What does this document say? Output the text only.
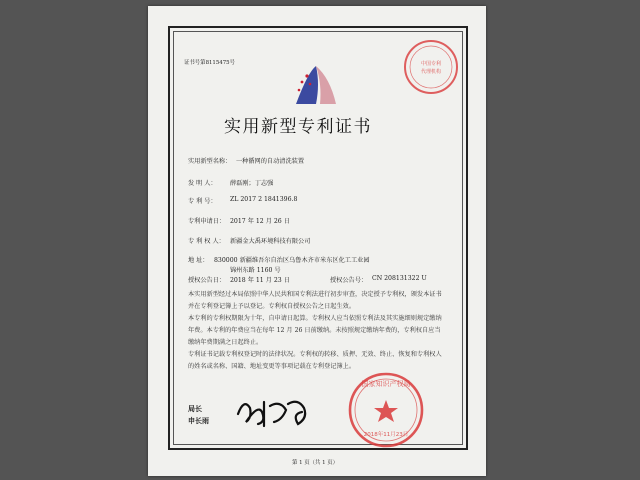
证书号第8115475号	中国专利
代理机构
实用新型专利证书
实用新型名称： 一种循网的自动清洗装置
发 明 人： 薛磊刚；丁志强
专 利 号： ZL 2017 2 1841396.8
专利申请日： 2017 年 12 月 26 日
专 利 权 人： 新疆金大禹环境科技有限公司
地 址： 830000 新疆维吾尔自治区乌鲁木齐市米东区化工工业园
锦州东路 1160 号
授权公告日： 2018 年 11 月 23 日	授权公告号： CN 208131322 U
本实用新型经过本局依照中华人民共和国专利法进行初步审查，决定授予专利权，颁发本证书并在专利登记簿上予以登记。专利权自授权公告之日起生效。
本专利的专利权期限为十年，自申请日起算。专利权人应当依照专利法及其实施细则规定缴纳年费。本专利的年费应当在每年 12 月 26 日前缴纳。未按照规定缴纳年费的，专利权自应当缴纳年费期满之日起终止。
专利证书记载专利权登记时的法律状况。专利权的转移、质押、无效、终止、恢复和专利权人的姓名或名称、国籍、地址变更等事项记载在专利登记簿上。
局长
申长雨
国家知识产权局
2018年11月23日
第 1 页（共 1 页）
